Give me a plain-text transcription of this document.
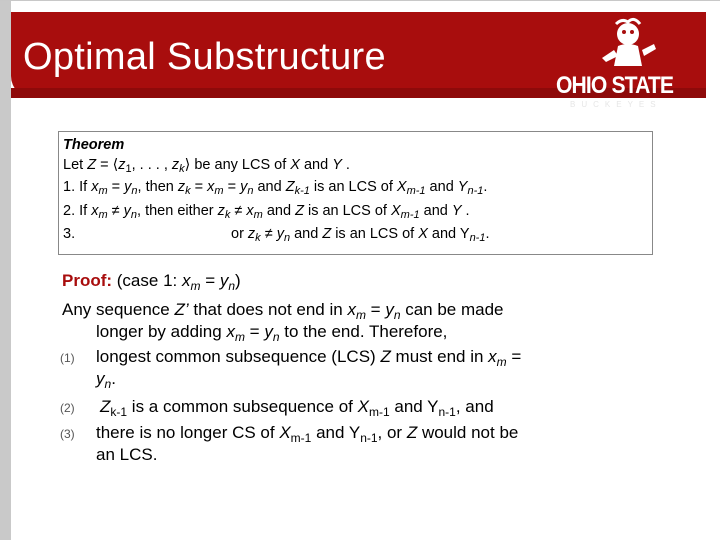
Optimal Substructure
OHIO STATE
BUCKEYES
Theorem
Let $Z = ⟨z_1$, . . . , $z_k⟩$ be any LCS of X and Y .
1. If $x_m = y_n$, then $z_k = x_m = y_n$ and $Z_{k-1}$ is an LCS of $X_{m-1}$ and $Y_{n-1}$.
2. If $x_m \ne y_n$, then either $z_k \ne x_m$ and Z is an LCS of $X_{m-1}$ and Y .
3.	or $z_k \ne y_n$ and Z is an LCS of X and $Y_{n-1}$.
Proof: (case 1: $x_m = y_n$)
Any sequence Z’ that does not end in $x_m = y_n$ can be made
longer by adding $x_m = y_n$ to the end. Therefore,
(1) longest common subsequence (LCS) Z must end in $x_m$ =
$y_n$.
(2) $Z_{k-1}$ is a common subsequence of $X_{m-1}$ and $Y_{n-1}$, and
(3) there is no longer CS of $X_{m-1}$ and $Y_{n-1}$, or Z would not be
an LCS.
